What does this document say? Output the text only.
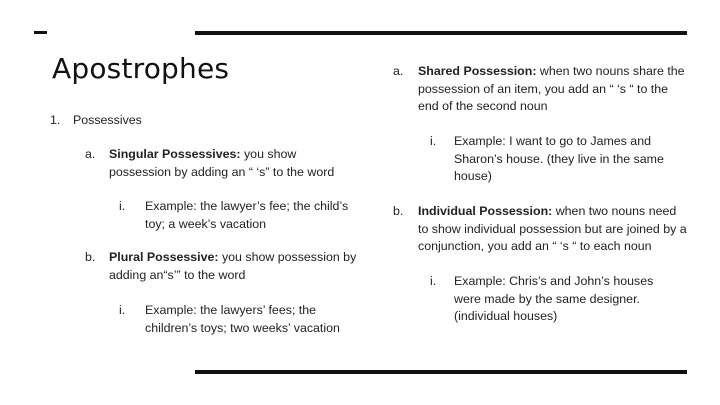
Apostrophes
1. Possessives
a. Singular Possessives: you show possession by adding an “ ‘s” to the word
i. Example: the lawyer’s fee; the child’s toy; a week’s vacation
b. Plural Possessive: you show possession by adding an“s’” to the word
i. Example: the lawyers’ fees; the children’s toys; two weeks’ vacation
a. Shared Possession: when two nouns share the possession of an item, you add an “ ‘s “ to the end of the second noun
i. Example: I want to go to James and Sharon’s house. (they live in the same house)
b. Individual Possession: when two nouns need to show individual possession but are joined by a conjunction, you add an “ ‘s “ to each noun
i. Example: Chris’s and John’s houses were made by the same designer. (individual houses)
